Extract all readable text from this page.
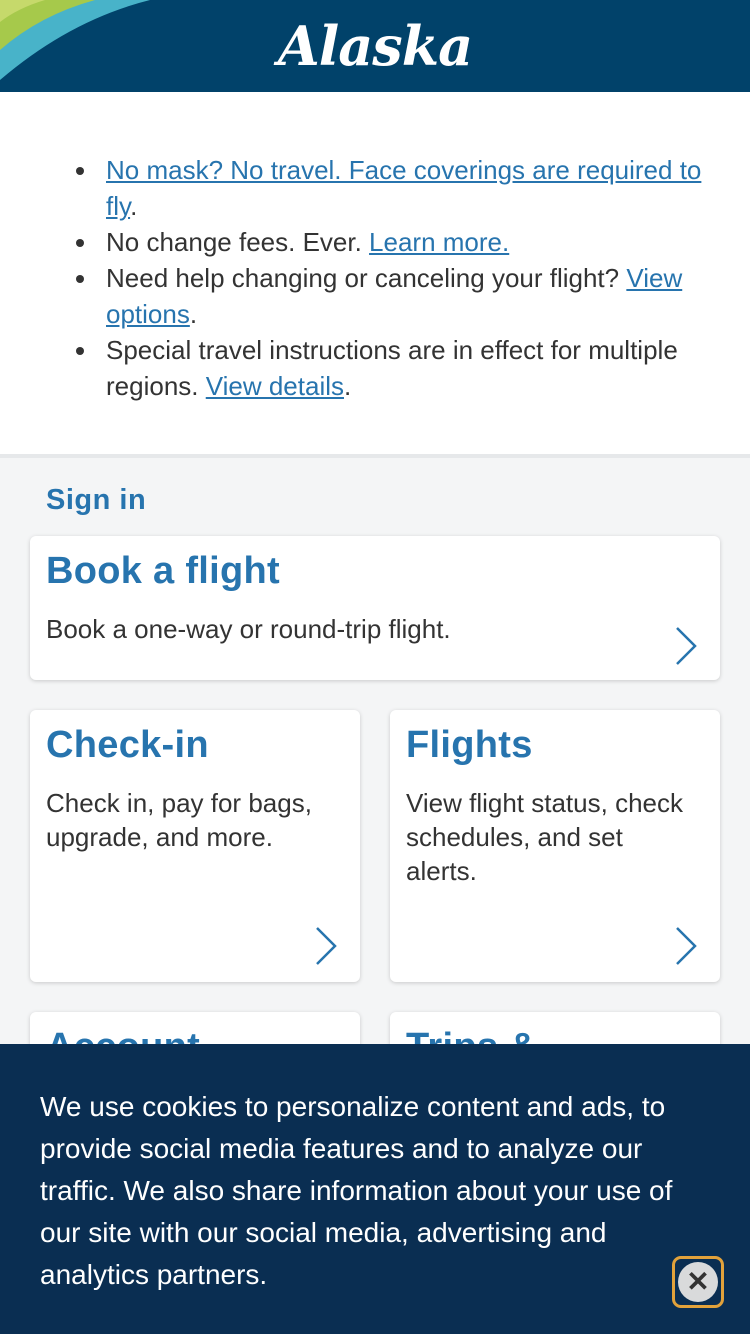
Alaska
No mask? No travel. Face coverings are required to fly.
No change fees. Ever. Learn more.
Need help changing or canceling your flight? View options.
Special travel instructions are in effect for multiple regions. View details.
Sign in
Book a flight
Book a one-way or round-trip flight.
Check-in
Check in, pay for bags, upgrade, and more.
Flights
View flight status, check schedules, and set alerts.

We use cookies to personalize content and ads, to provide social media features and to analyze our traffic. We also share information about your use of our site with our social media, advertising and analytics partners.	✕
